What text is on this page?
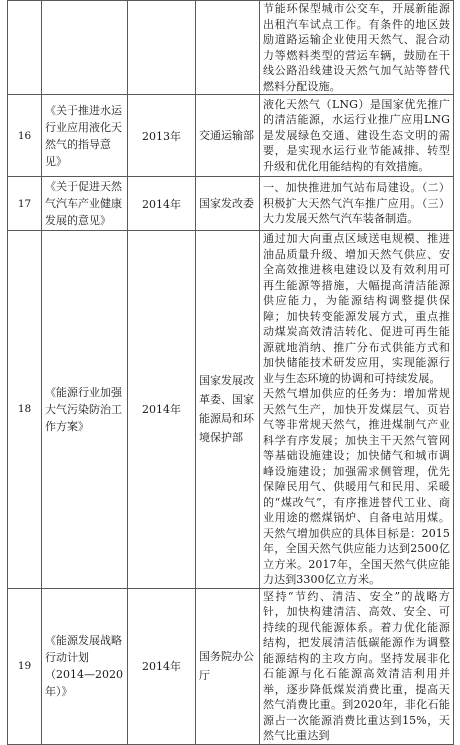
				节能环保型城市公交车，开展新能源出租汽车试点工作。有条件的地区鼓励道路运输企业使用天然气、混合动力等燃料类型的营运车辆，鼓励在干线公路沿线建设天然气加气站等替代燃料分配设施。

16	《关于推进水运行业应用液化天然气的指导意见》	2013年	交通运输部	液化天然气（LNG）是国家优先推广的清洁能源，水运行业推广应用LNG是发展绿色交通、建设生态文明的需要，是实现水运行业节能减排、转型升级和优化用能结构的有效措施。

17	《关于促进天然气汽车产业健康发展的意见》	2014年	国家发改委	一、加快推进加气站布局建设。（二）积极扩大天然气汽车推广应用。（三）大力发展天然气汽车装备制造。

18	《能源行业加强大气污染防治工作方案》	2014年	国家发展改革委、国家能源局和环境保护部	通过加大向重点区域送电规模、推进油品质量升级、增加天然气供应、安全高效推进核电建设以及有效利用可再生能源等措施，大幅提高清洁能源供应能力，为能源结构调整提供保障；加快转变能源发展方式，重点推动煤炭高效清洁转化、促进可再生能源就地消纳、推广分布式供能方式和加快储能技术研发应用，实现能源行业与生态环境的协调和可持续发展。

天然气增加供应的任务为：增加常规天然气生产，加快开发煤层气、页岩气等非常规天然气，推进煤制气产业科学有序发展；加快主干天然气管网等基础设施建设；加快储气和城市调峰设施建设；加强需求侧管理，优先保障民用气、供暖用气和民用、采暖的“煤改气”，有序推进替代工业、商业用途的燃煤锅炉、自备电站用煤。天然气增加供应的具体目标是：2015年，全国天然气供应能力达到2500亿立方米。2017年，全国天然气供应能力达到3300亿立方米。

19	《能源发展战略行动计划（2014—2020年）》	2014年	国务院办公厅	坚持“节约、清洁、安全”的战略方针，加快构建清洁、高效、安全、可持续的现代能源体系。着力优化能源结构，把发展清洁低碳能源作为调整能源结构的主攻方向。坚持发展非化石能源与化石能源高效清洁利用并举，逐步降低煤炭消费比重，提高天然气消费比重。到2020年，非化石能源占一次能源消费比重达到15%，天然气比重达到
